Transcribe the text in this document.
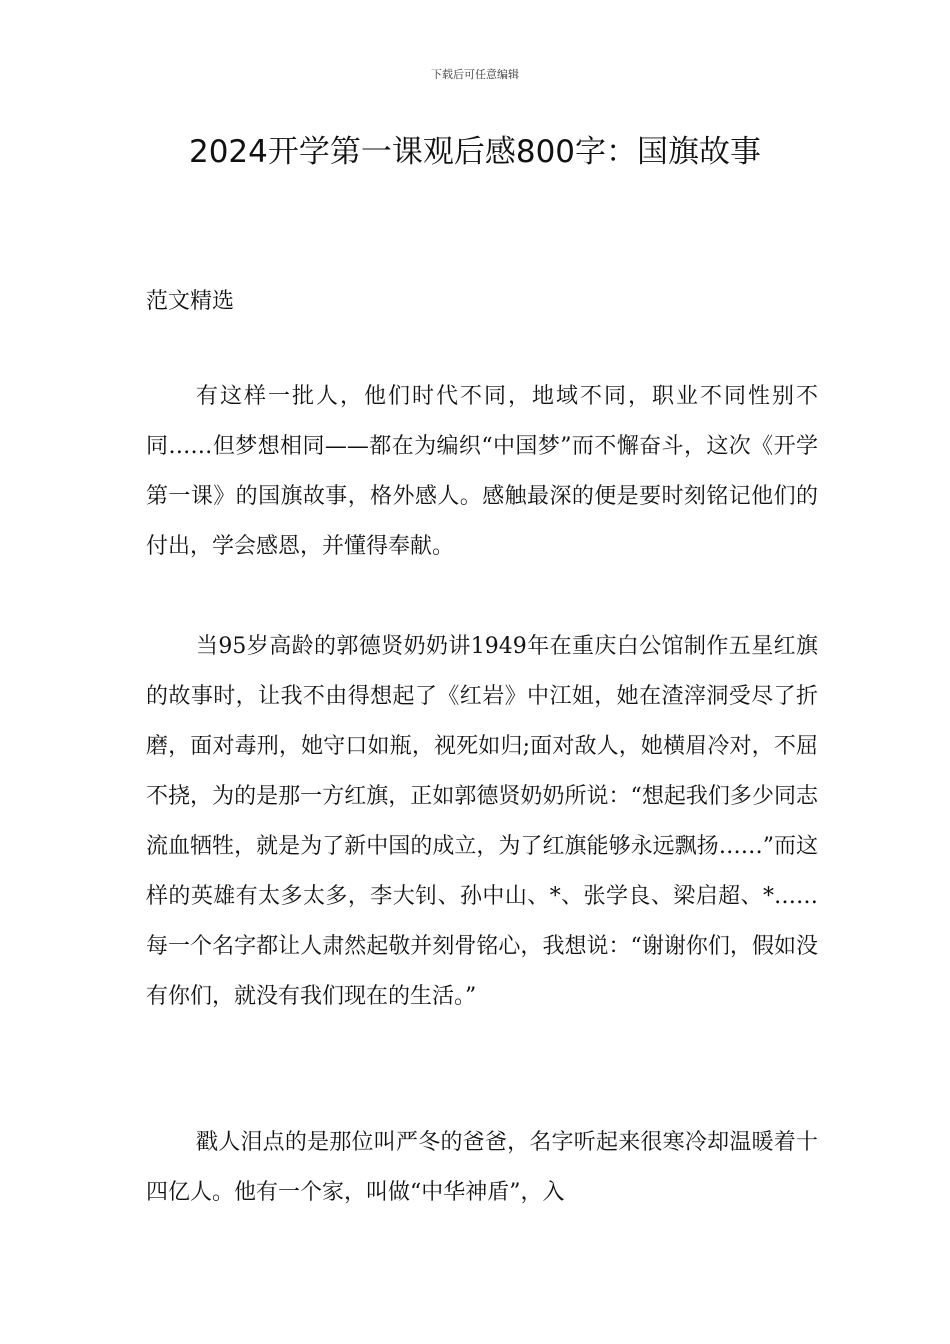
下载后可任意编辑
2024开学第一课观后感800字：国旗故事
范文精选

有这样一批人，他们时代不同，地域不同，职业不同性别不同……但梦想相同——都在为编织“中国梦”而不懈奋斗，这次《开学第一课》的国旗故事，格外感人。感触最深的便是要时刻铭记他们的付出，学会感恩，并懂得奉献。

当95岁高龄的郭德贤奶奶讲1949年在重庆白公馆制作五星红旗的故事时，让我不由得想起了《红岩》中江姐，她在渣滓洞受尽了折磨，面对毒刑，她守口如瓶，视死如归;面对敌人，她横眉冷对，不屈不挠，为的是那一方红旗，正如郭德贤奶奶所说：“想起我们多少同志流血牺牲，就是为了新中国的成立，为了红旗能够永远飘扬……”而这样的英雄有太多太多，李大钊、孙中山、*、张学良、梁启超、*……每一个名字都让人肃然起敬并刻骨铭心，我想说：“谢谢你们，假如没有你们，就没有我们现在的生活。”

戳人泪点的是那位叫严冬的爸爸，名字听起来很寒冷却温暖着十四亿人。他有一个家，叫做“中华神盾”，入
